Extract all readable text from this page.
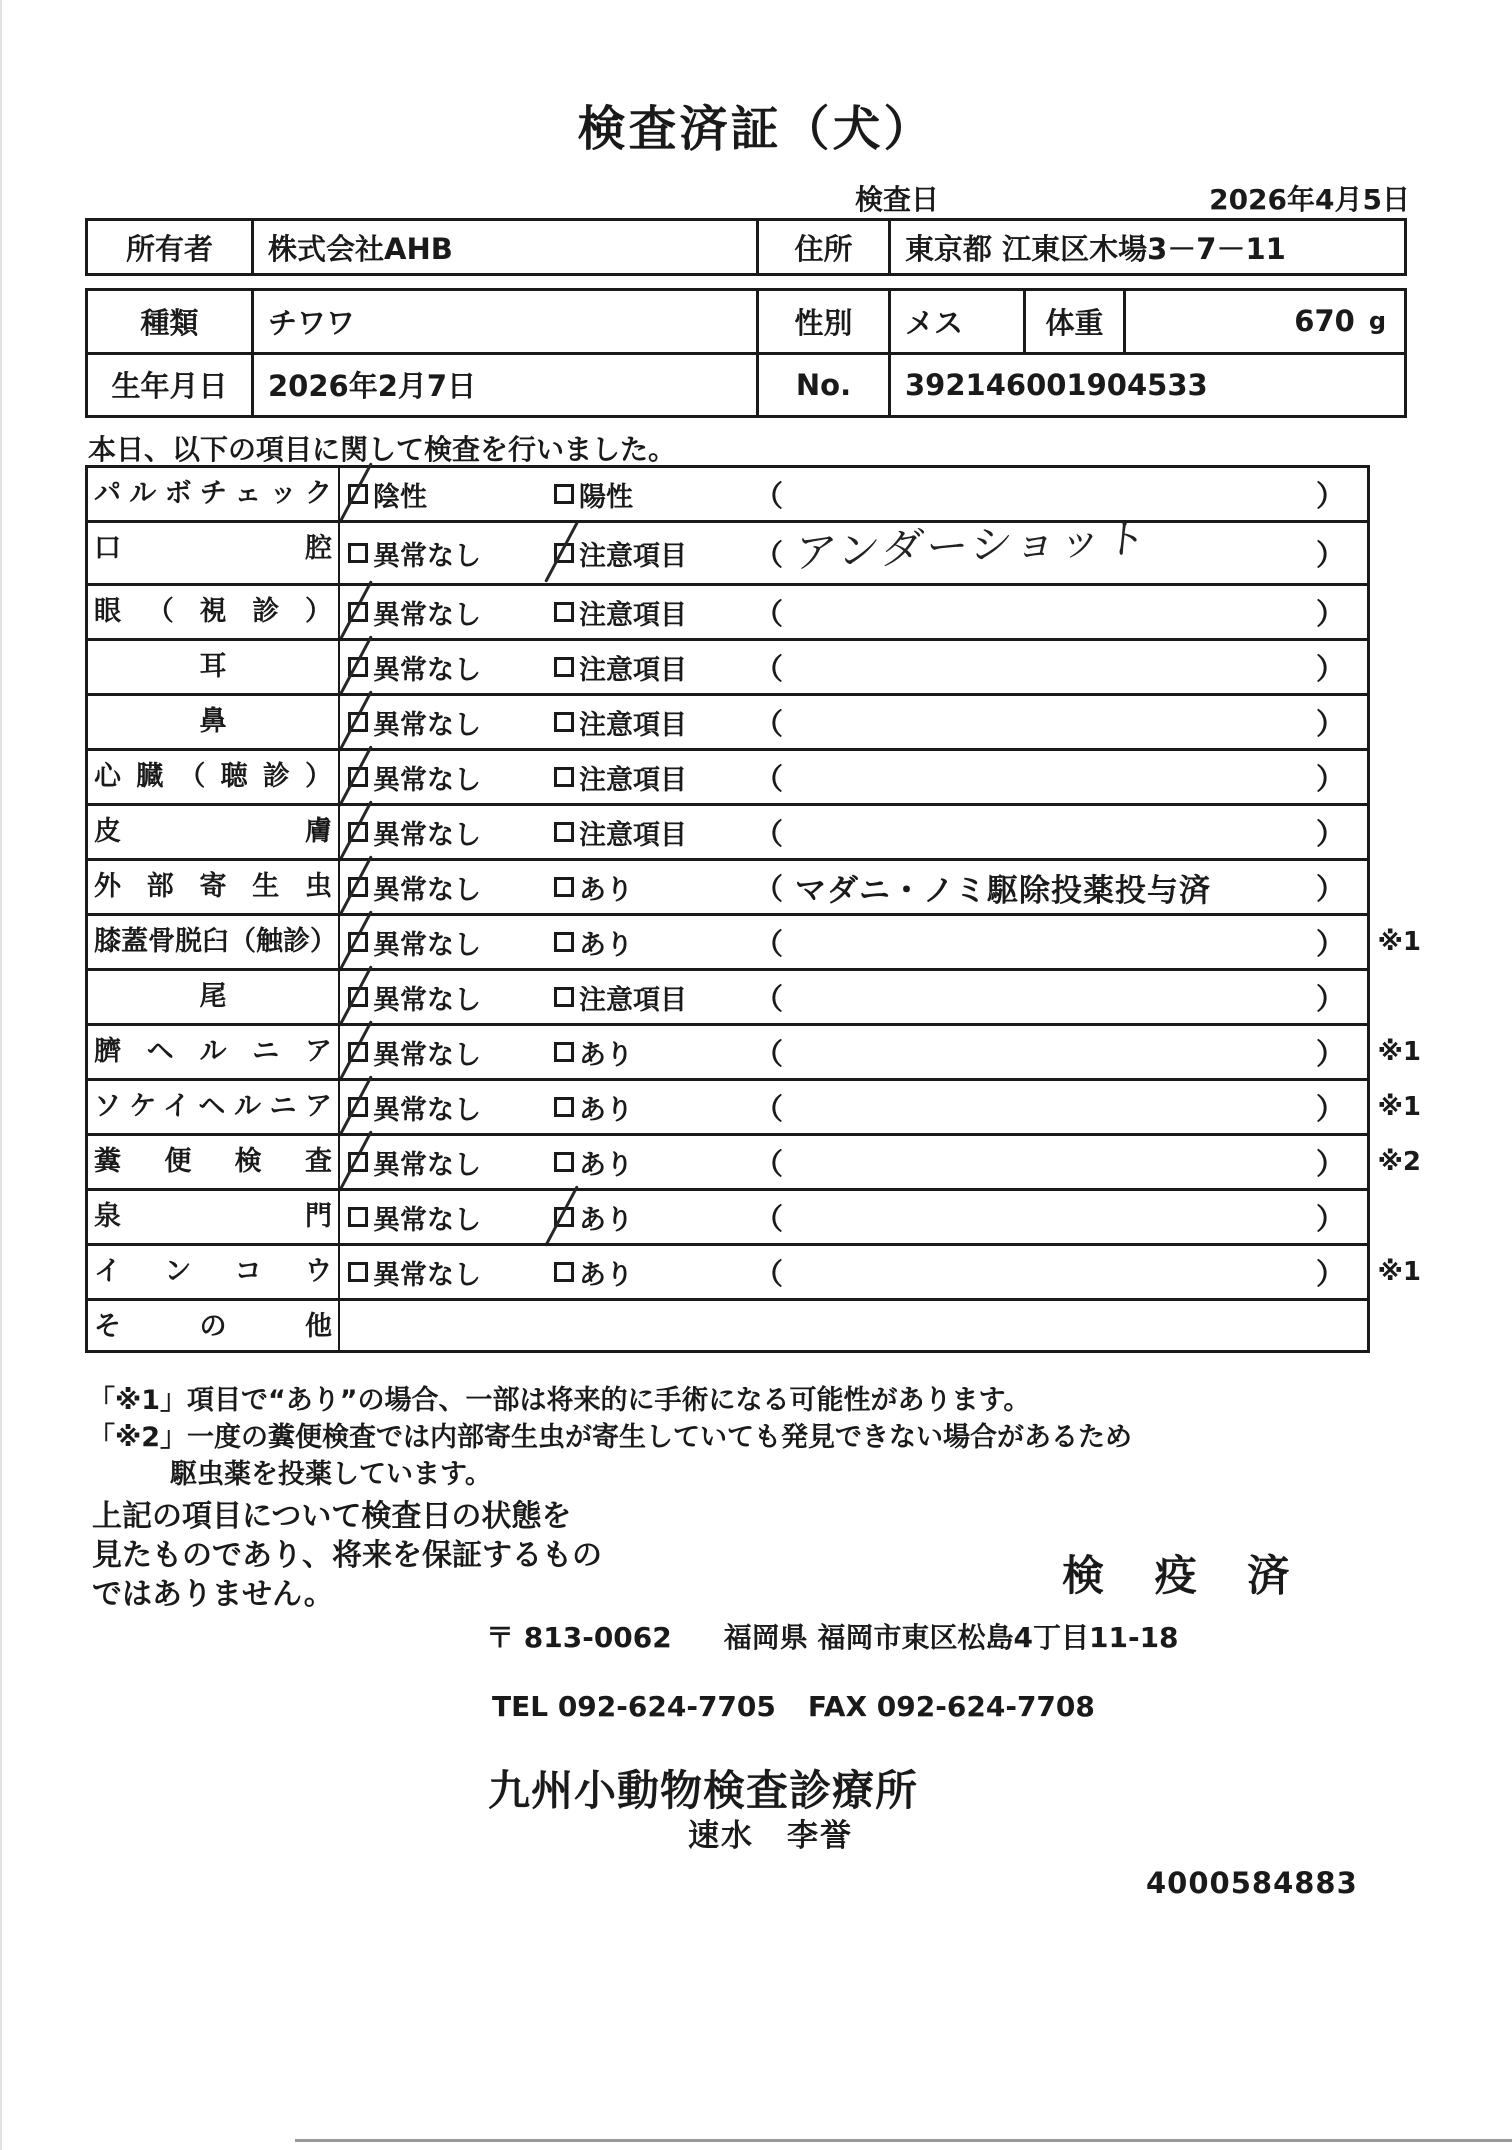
検査済証（犬）
検査日	2026年4月5日
所有者	株式会社AHB	住所	東京都 江東区木場3－7－11
種類	チワワ	性別	メス	体重	670 g
生年月日	2026年2月7日	No.	392146001904533
本日、以下の項目に関して検査を行いました。
パルボチェック 陰性	陽性	（	）
口腔 異常なし	注意項目 （ アンダーショット	）
眼（視診） 異常なし	注意項目 （	）
耳	異常なし	注意項目 （	）
鼻	異常なし	注意項目 （	）
心臓（聴診） 異常なし	注意項目 （	）
皮膚 異常なし	注意項目 （	）
外部寄生虫 異常なし	あり	（ マダニ・ノミ駆除投薬投与済	）
膝蓋骨脱臼（触診） 異常なし	あり	（	） ※1
尾	異常なし	注意項目 （	）
臍ヘルニア 異常なし	あり	（	） ※1
ソケイヘルニア 異常なし	あり	（	） ※1
糞便検査 異常なし	あり	（	） ※2
泉門 異常なし	あり	（	）
インコウ 異常なし	あり	（	） ※1
その他
「※1」項目で“あり”の場合、一部は将来的に手術になる可能性があります。
「※2」一度の糞便検査では内部寄生虫が寄生していても発見できない場合があるため
駆虫薬を投薬しています。
上記の項目について検査日の状態を
見たものであり、将来を保証するもの
ではありません。	検 疫 済
〒 813-0062 福岡県 福岡市東区松島4丁目11-18
TEL 092-624-7705 FAX 092-624-7708
九州小動物検査診療所
速水　李誉
4000584883
